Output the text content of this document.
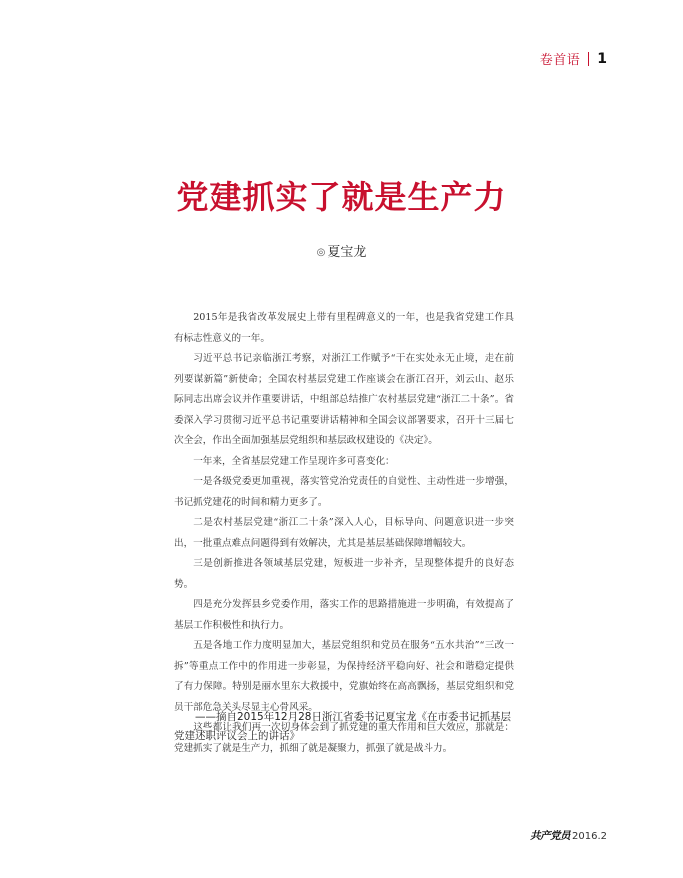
卷首语 1
党建抓实了就是生产力
◎ 夏宝龙

2015年是我省改革发展史上带有里程碑意义的一年，也是我省党建工作具有标志性意义的一年。

习近平总书记亲临浙江考察，对浙江工作赋予“干在实处永无止境，走在前列要谋新篇”新使命；全国农村基层党建工作座谈会在浙江召开，刘云山、赵乐际同志出席会议并作重要讲话，中组部总结推广农村基层党建“浙江二十条”。省委深入学习贯彻习近平总书记重要讲话精神和全国会议部署要求，召开十三届七次全会，作出全面加强基层党组织和基层政权建设的《决定》。

一年来，全省基层党建工作呈现许多可喜变化：

一是各级党委更加重视，落实管党治党责任的自觉性、主动性进一步增强，书记抓党建花的时间和精力更多了。

二是农村基层党建“浙江二十条”深入人心，目标导向、问题意识进一步突出，一批重点难点问题得到有效解决，尤其是基层基础保障增幅较大。

三是创新推进各领域基层党建，短板进一步补齐，呈现整体提升的良好态势。

四是充分发挥县乡党委作用，落实工作的思路措施进一步明确，有效提高了基层工作积极性和执行力。

五是各地工作力度明显加大，基层党组织和党员在服务“五水共治”“三改一拆”等重点工作中的作用进一步彰显，为保持经济平稳向好、社会和谐稳定提供了有力保障。特别是丽水里东大救援中，党旗始终在高高飘扬，基层党组织和党员干部危急关头尽显主心骨风采。

这些都让我们再一次切身体会到了抓党建的重大作用和巨大效应，那就是：党建抓实了就是生产力，抓细了就是凝聚力，抓强了就是战斗力。

——摘自2015年12月28日浙江省委书记夏宝龙《在市委书记抓基层党建述职评议会上的讲话》
共产党员 2016.2
